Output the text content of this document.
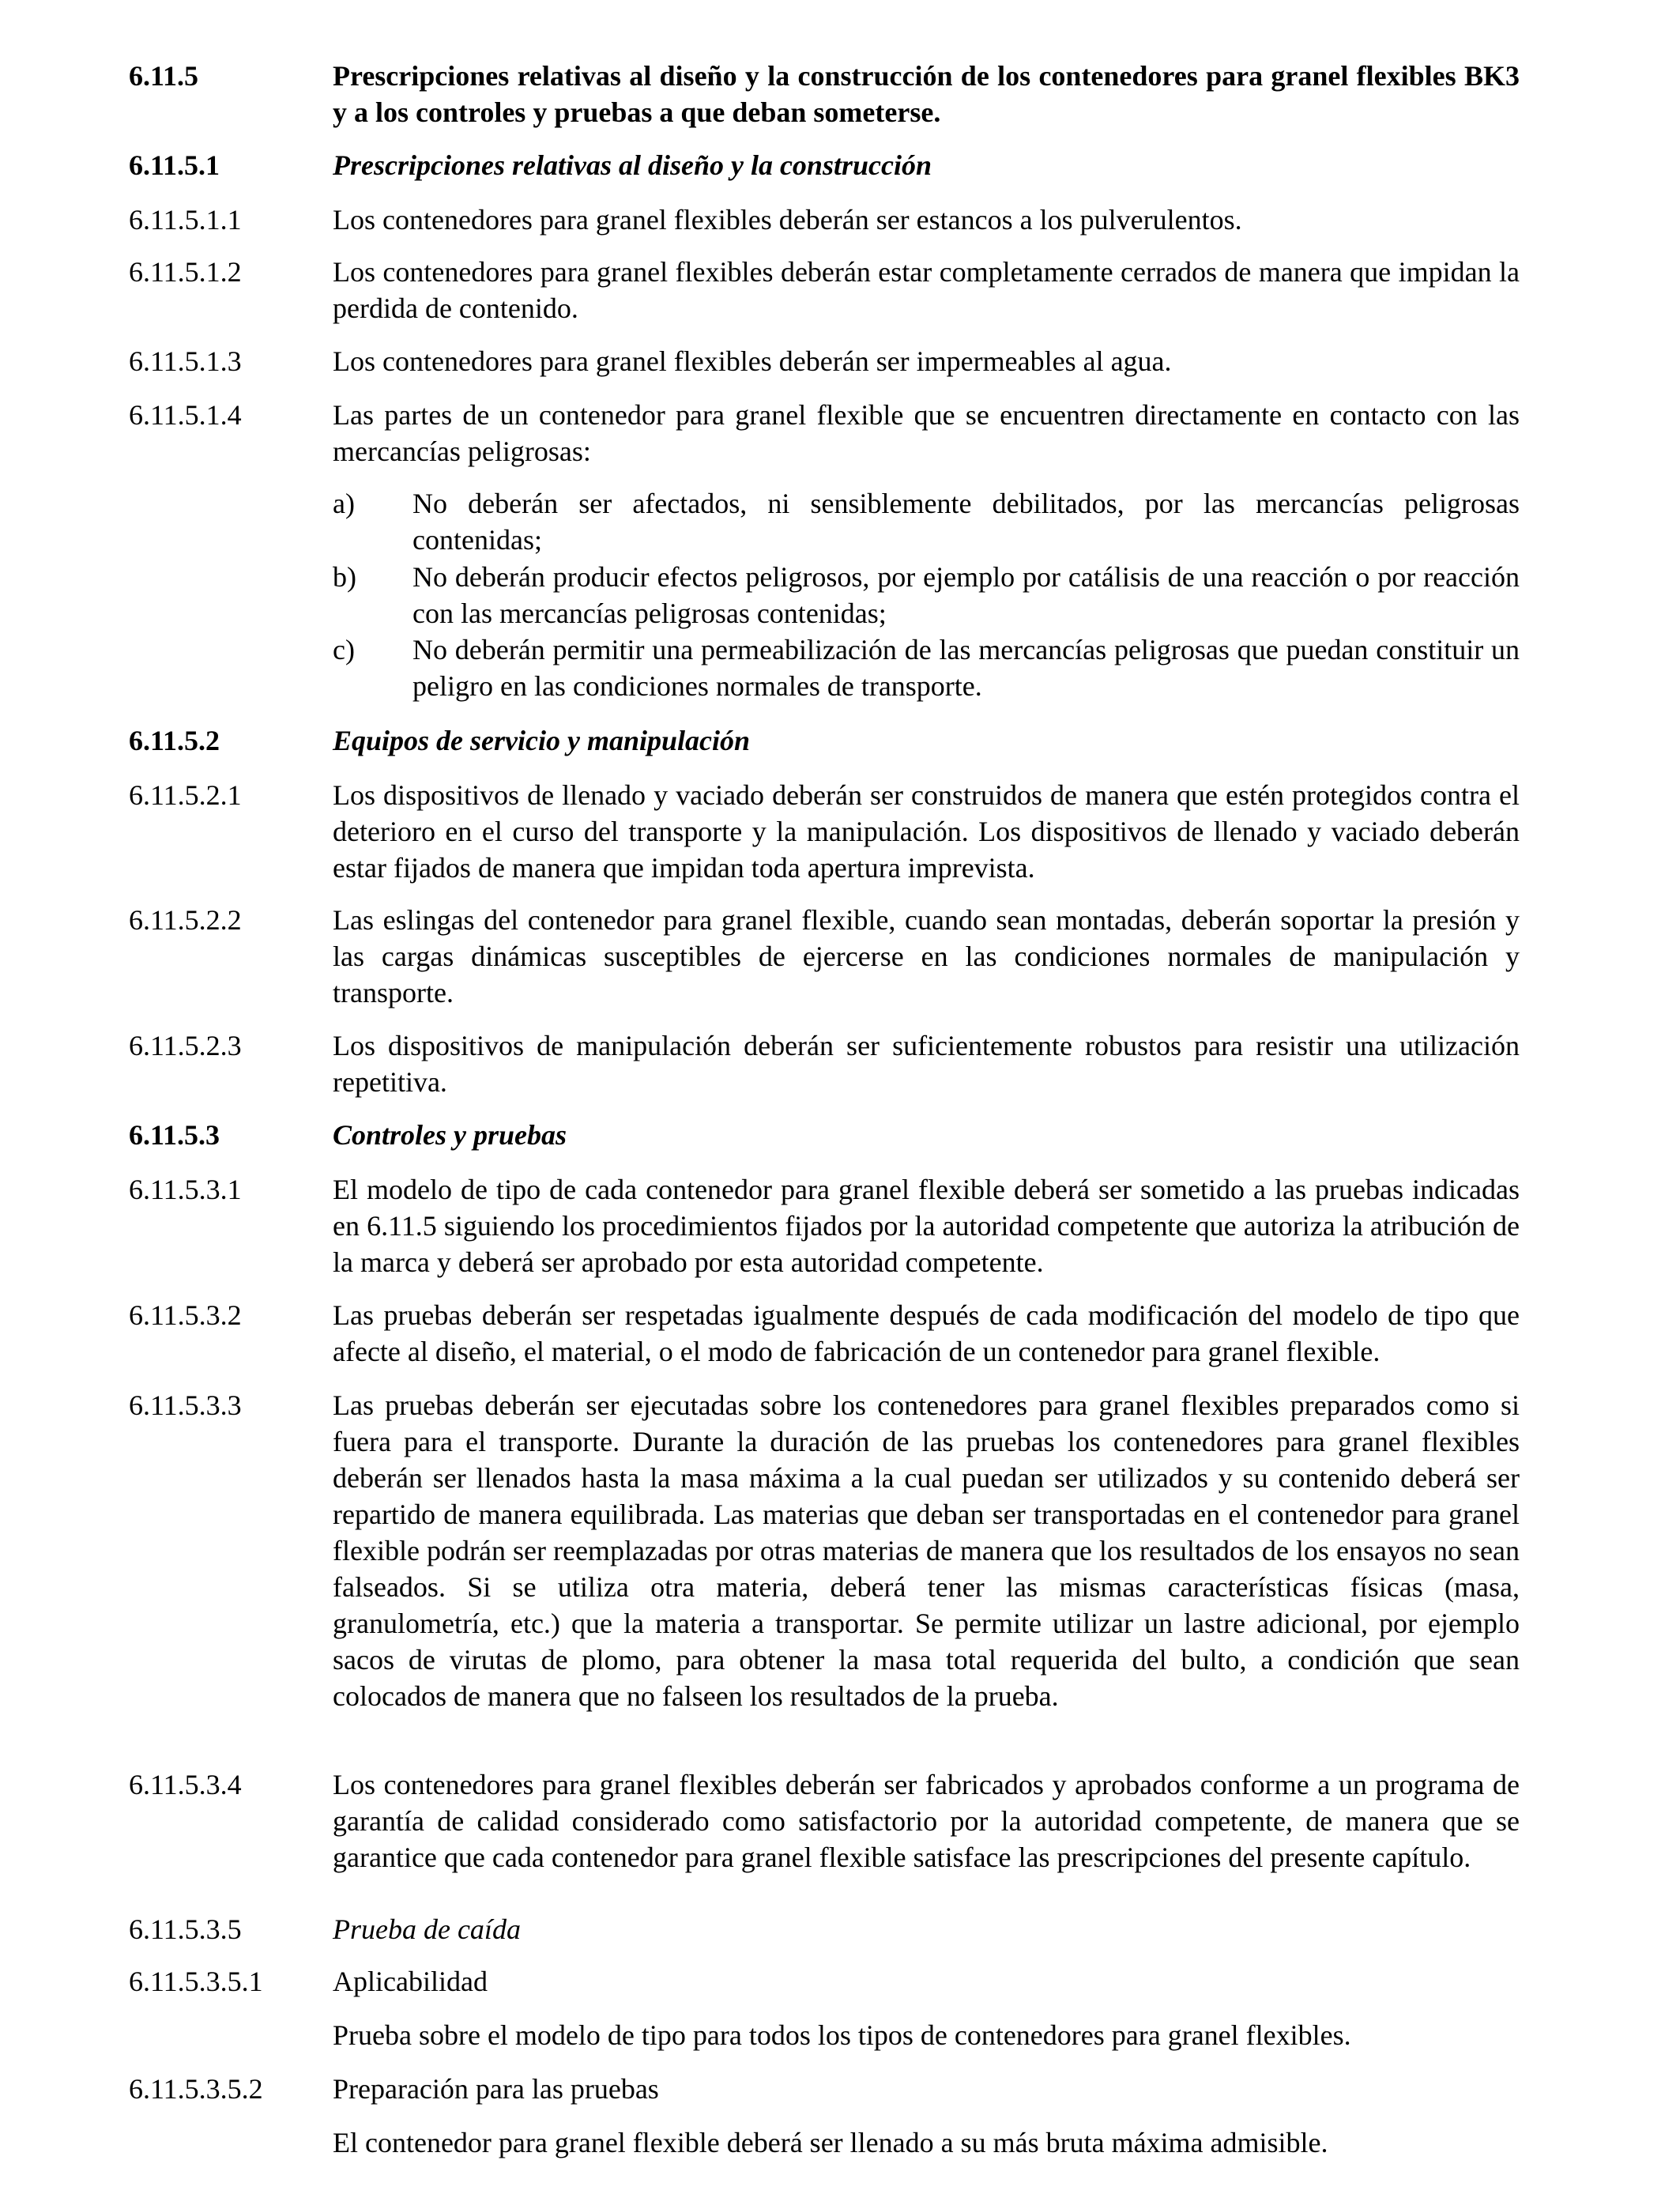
6.11.5	Prescripciones relativas al diseño y la construcción de los contenedores para granel flexibles BK3 y a los controles y pruebas a que deban someterse.
6.11.5.1	Prescripciones relativas al diseño y la construcción
6.11.5.1.1	Los contenedores para granel flexibles deberán ser estancos a los pulverulentos.
6.11.5.1.2	Los contenedores para granel flexibles deberán estar completamente cerrados de manera que impidan la perdida de contenido.
6.11.5.1.3	Los contenedores para granel flexibles deberán ser impermeables al agua.
6.11.5.1.4	Las partes de un contenedor para granel flexible que se encuentren directamente en contacto con las mercancías peligrosas:
a) No deberán ser afectados, ni sensiblemente debilitados, por las mercancías peligrosas contenidas;
b) No deberán producir efectos peligrosos, por ejemplo por catálisis de una reacción o por reacción con las mercancías peligrosas contenidas;
c) No deberán permitir una permeabilización de las mercancías peligrosas que puedan constituir un peligro en las condiciones normales de transporte.
6.11.5.2	Equipos de servicio y manipulación
6.11.5.2.1	Los dispositivos de llenado y vaciado deberán ser construidos de manera que estén protegidos contra el deterioro en el curso del transporte y la manipulación. Los dispositivos de llenado y vaciado deberán estar fijados de manera que impidan toda apertura imprevista.
6.11.5.2.2	Las eslingas del contenedor para granel flexible, cuando sean montadas, deberán soportar la presión y las cargas dinámicas susceptibles de ejercerse en las condiciones normales de manipulación y transporte.
6.11.5.2.3	Los dispositivos de manipulación deberán ser suficientemente robustos para resistir una utilización repetitiva.
6.11.5.3	Controles y pruebas
6.11.5.3.1	El modelo de tipo de cada contenedor para granel flexible deberá ser sometido a las pruebas indicadas en 6.11.5 siguiendo los procedimientos fijados por la autoridad competente que autoriza la atribución de la marca y deberá ser aprobado por esta autoridad competente.
6.11.5.3.2	Las pruebas deberán ser respetadas igualmente después de cada modificación del modelo de tipo que afecte al diseño, el material, o el modo de fabricación de un contenedor para granel flexible.
6.11.5.3.3	Las pruebas deberán ser ejecutadas sobre los contenedores para granel flexibles preparados como si fuera para el transporte. Durante la duración de las pruebas los contenedores para granel flexibles deberán ser llenados hasta la masa máxima a la cual puedan ser utilizados y su contenido deberá ser repartido de manera equilibrada. Las materias que deban ser transportadas en el contenedor para granel flexible podrán ser reemplazadas por otras materias de manera que los resultados de los ensayos no sean falseados. Si se utiliza otra materia, deberá tener las mismas características físicas (masa, granulometría, etc.) que la materia a transportar. Se permite utilizar un lastre adicional, por ejemplo sacos de virutas de plomo, para obtener la masa total requerida del bulto, a condición que sean colocados de manera que no falseen los resultados de la prueba.
6.11.5.3.4	Los contenedores para granel flexibles deberán ser fabricados y aprobados conforme a un programa de garantía de calidad considerado como satisfactorio por la autoridad competente, de manera que se garantice que cada contenedor para granel flexible satisface las prescripciones del presente capítulo.
6.11.5.3.5	Prueba de caída
6.11.5.3.5.1 Aplicabilidad
Prueba sobre el modelo de tipo para todos los tipos de contenedores para granel flexibles.
6.11.5.3.5.2 Preparación para las pruebas
El contenedor para granel flexible deberá ser llenado a su más bruta máxima admisible.
